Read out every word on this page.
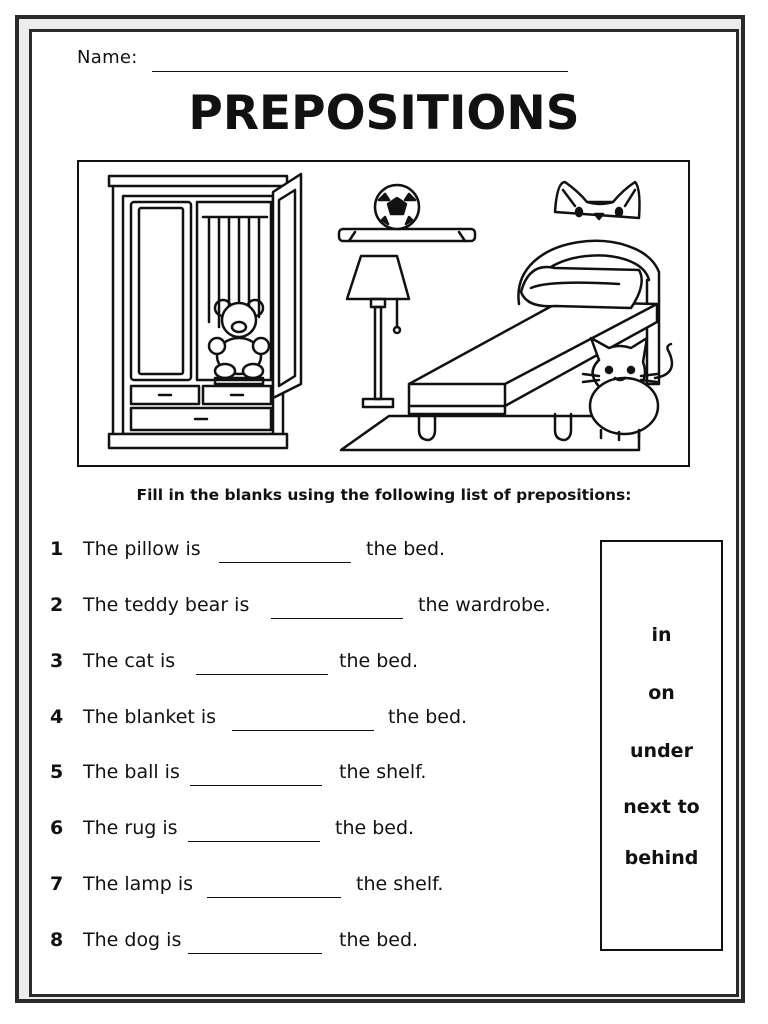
Name:
PREPOSITIONS
Fill in the blanks using the following list of prepositions:
1 The pillow is	the bed.
2 The teddy bear is	the wardrobe.
3 The cat is	the bed.
4 The blanket is	the bed.
5 The ball is	the shelf.
6 The rug is	the bed.
7 The lamp is	the shelf.
8 The dog is	the bed.
in
on
under
next to
behind
